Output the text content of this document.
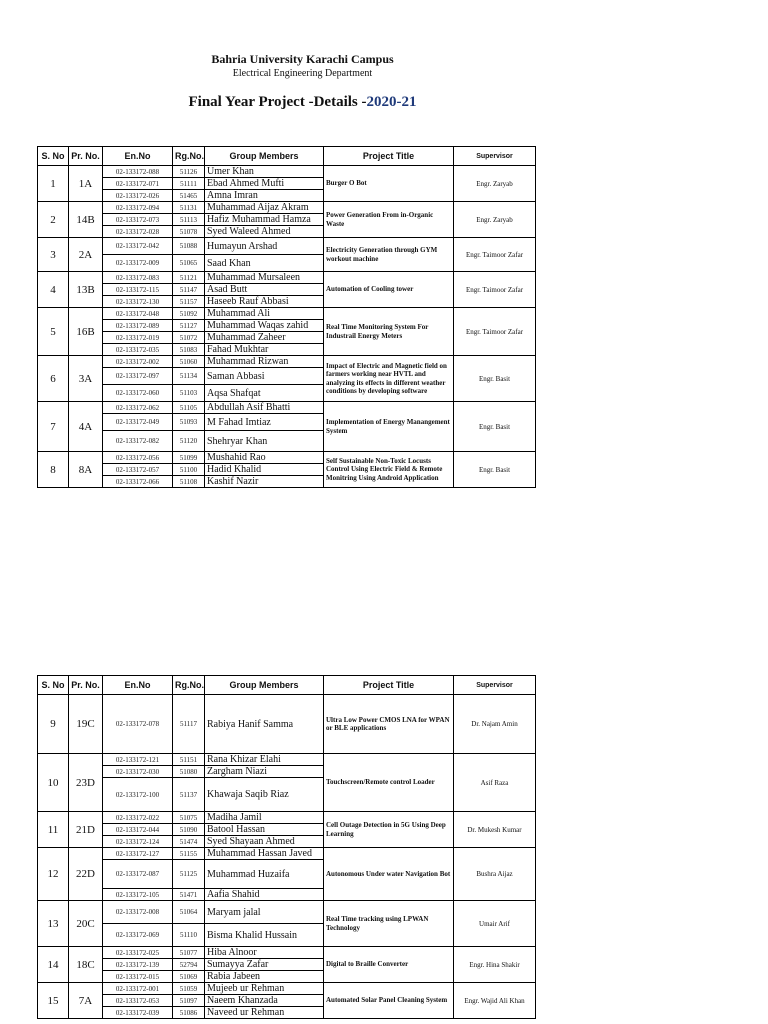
Bahria University Karachi Campus
Electrical Engineering Department
Final Year Project -Details -2020-21
S. No	Pr. No.	En.No	Rg.No.	Group Members	Project Title	Supervisor
1	1A	02-133172-088	51126	Umer Khan	Burger O Bot	Engr. Zaryab
		02-133172-071	51111	Ebad Ahmed Mufti		
		02-133172-026	51465	Amna Imran		
2	14B	02-133172-094	51131	Muhammad Aijaz Akram	Power Generation From in-Organic Waste	Engr. Zaryab
		02-133172-073	51113	Hafiz Muhammad Hamza		
		02-133172-028	51078	Syed Waleed Ahmed		
3	2A	02-133172-042	51088	Humayun Arshad	Electricity Generation through GYM workout machine	Engr. Taimoor Zafar
		02-133172-009	51065	Saad Khan		
4	13B	02-133172-083	51121	Muhammad Mursaleen	Automation of Cooling tower	Engr. Taimoor Zafar
		02-133172-115	51147	Asad Butt		
		02-133172-130	51157	Haseeb Rauf Abbasi		
5	16B	02-133172-048	51092	Muhammad Ali	Real Time Monitoring System For Industrail Energy Meters	Engr. Taimoor Zafar
		02-133172-089	51127	Muhammad Waqas zahid		
		02-133172-019	51072	Muhammad Zaheer		
		02-133172-035	51083	Fahad Mukhtar		
6	3A	02-133172-002	51060	Muhammad Rizwan	Impact of Electric and Magnetic field on farmers working near HVTL and analyzing its effects in different weather conditions by developing software	Engr. Basit
		02-133172-097	51134	Saman Abbasi		
		02-133172-060	51103	Aqsa Shafqat		
7	4A	02-133172-062	51105	Abdullah Asif Bhatti	Implementation of Energy Manangement System	Engr. Basit
		02-133172-049	51093	M Fahad Imtiaz		
		02-133172-082	51120	Shehryar Khan		
8	8A	02-133172-056	51099	Mushahid Rao	Self Sustainable Non-Toxic Locusts Control Using Electric Field & Remote Monitring Using Android Application	Engr. Basit
		02-133172-057	51100	Hadid Khalid		
		02-133172-066	51108	Kashif Nazir		
S. No	Pr. No.	En.No	Rg.No.	Group Members	Project Title	Supervisor
9	19C	02-133172-078	51117	Rabiya Hanif Samma	Ultra Low Power CMOS LNA for WPAN or BLE applications	Dr. Najam Amin
10	23D	02-133172-121	51151	Rana Khizar Elahi	Touchscreen/Remote control Loader	Asif Raza
		02-133172-030	51080	Zargham Niazi		
		02-133172-100	51137	Khawaja Saqib Riaz		
11	21D	02-133172-022	51075	Madiha Jamil	Cell Outage Detection in 5G Using Deep Learning	Dr. Mukesh Kumar
		02-133172-044	51090	Batool Hassan		
		02-133172-124	51474	Syed Shayaan Ahmed		
12	22D	02-133172-127	51155	Muhammad Hassan Javed	Autonomous Under water Navigation Bot	Bushra Aijaz
		02-133172-087	51125	Muhammad Huzaifa		
		02-133172-105	51471	Aafia Shahid		
13	20C	02-133172-008	51064	Maryam jalal	Real Time tracking using LPWAN Technology	Umair Arif
		02-133172-069	51110	Bisma Khalid Hussain		
14	18C	02-133172-025	51077	Hiba Alnoor	Digital to Braille Converter	Engr. Hina Shakir
		02-133172-139	52794	Sumayya Zafar		
		02-133172-015	51069	Rabia Jabeen		
15	7A	02-133172-001	51059	Mujeeb ur Rehman	Automated Solar Panel Cleaning System	Engr. Wajid Ali Khan
		02-133172-053	51097	Naeem Khanzada		
		02-133172-039	51086	Naveed ur Rehman		
